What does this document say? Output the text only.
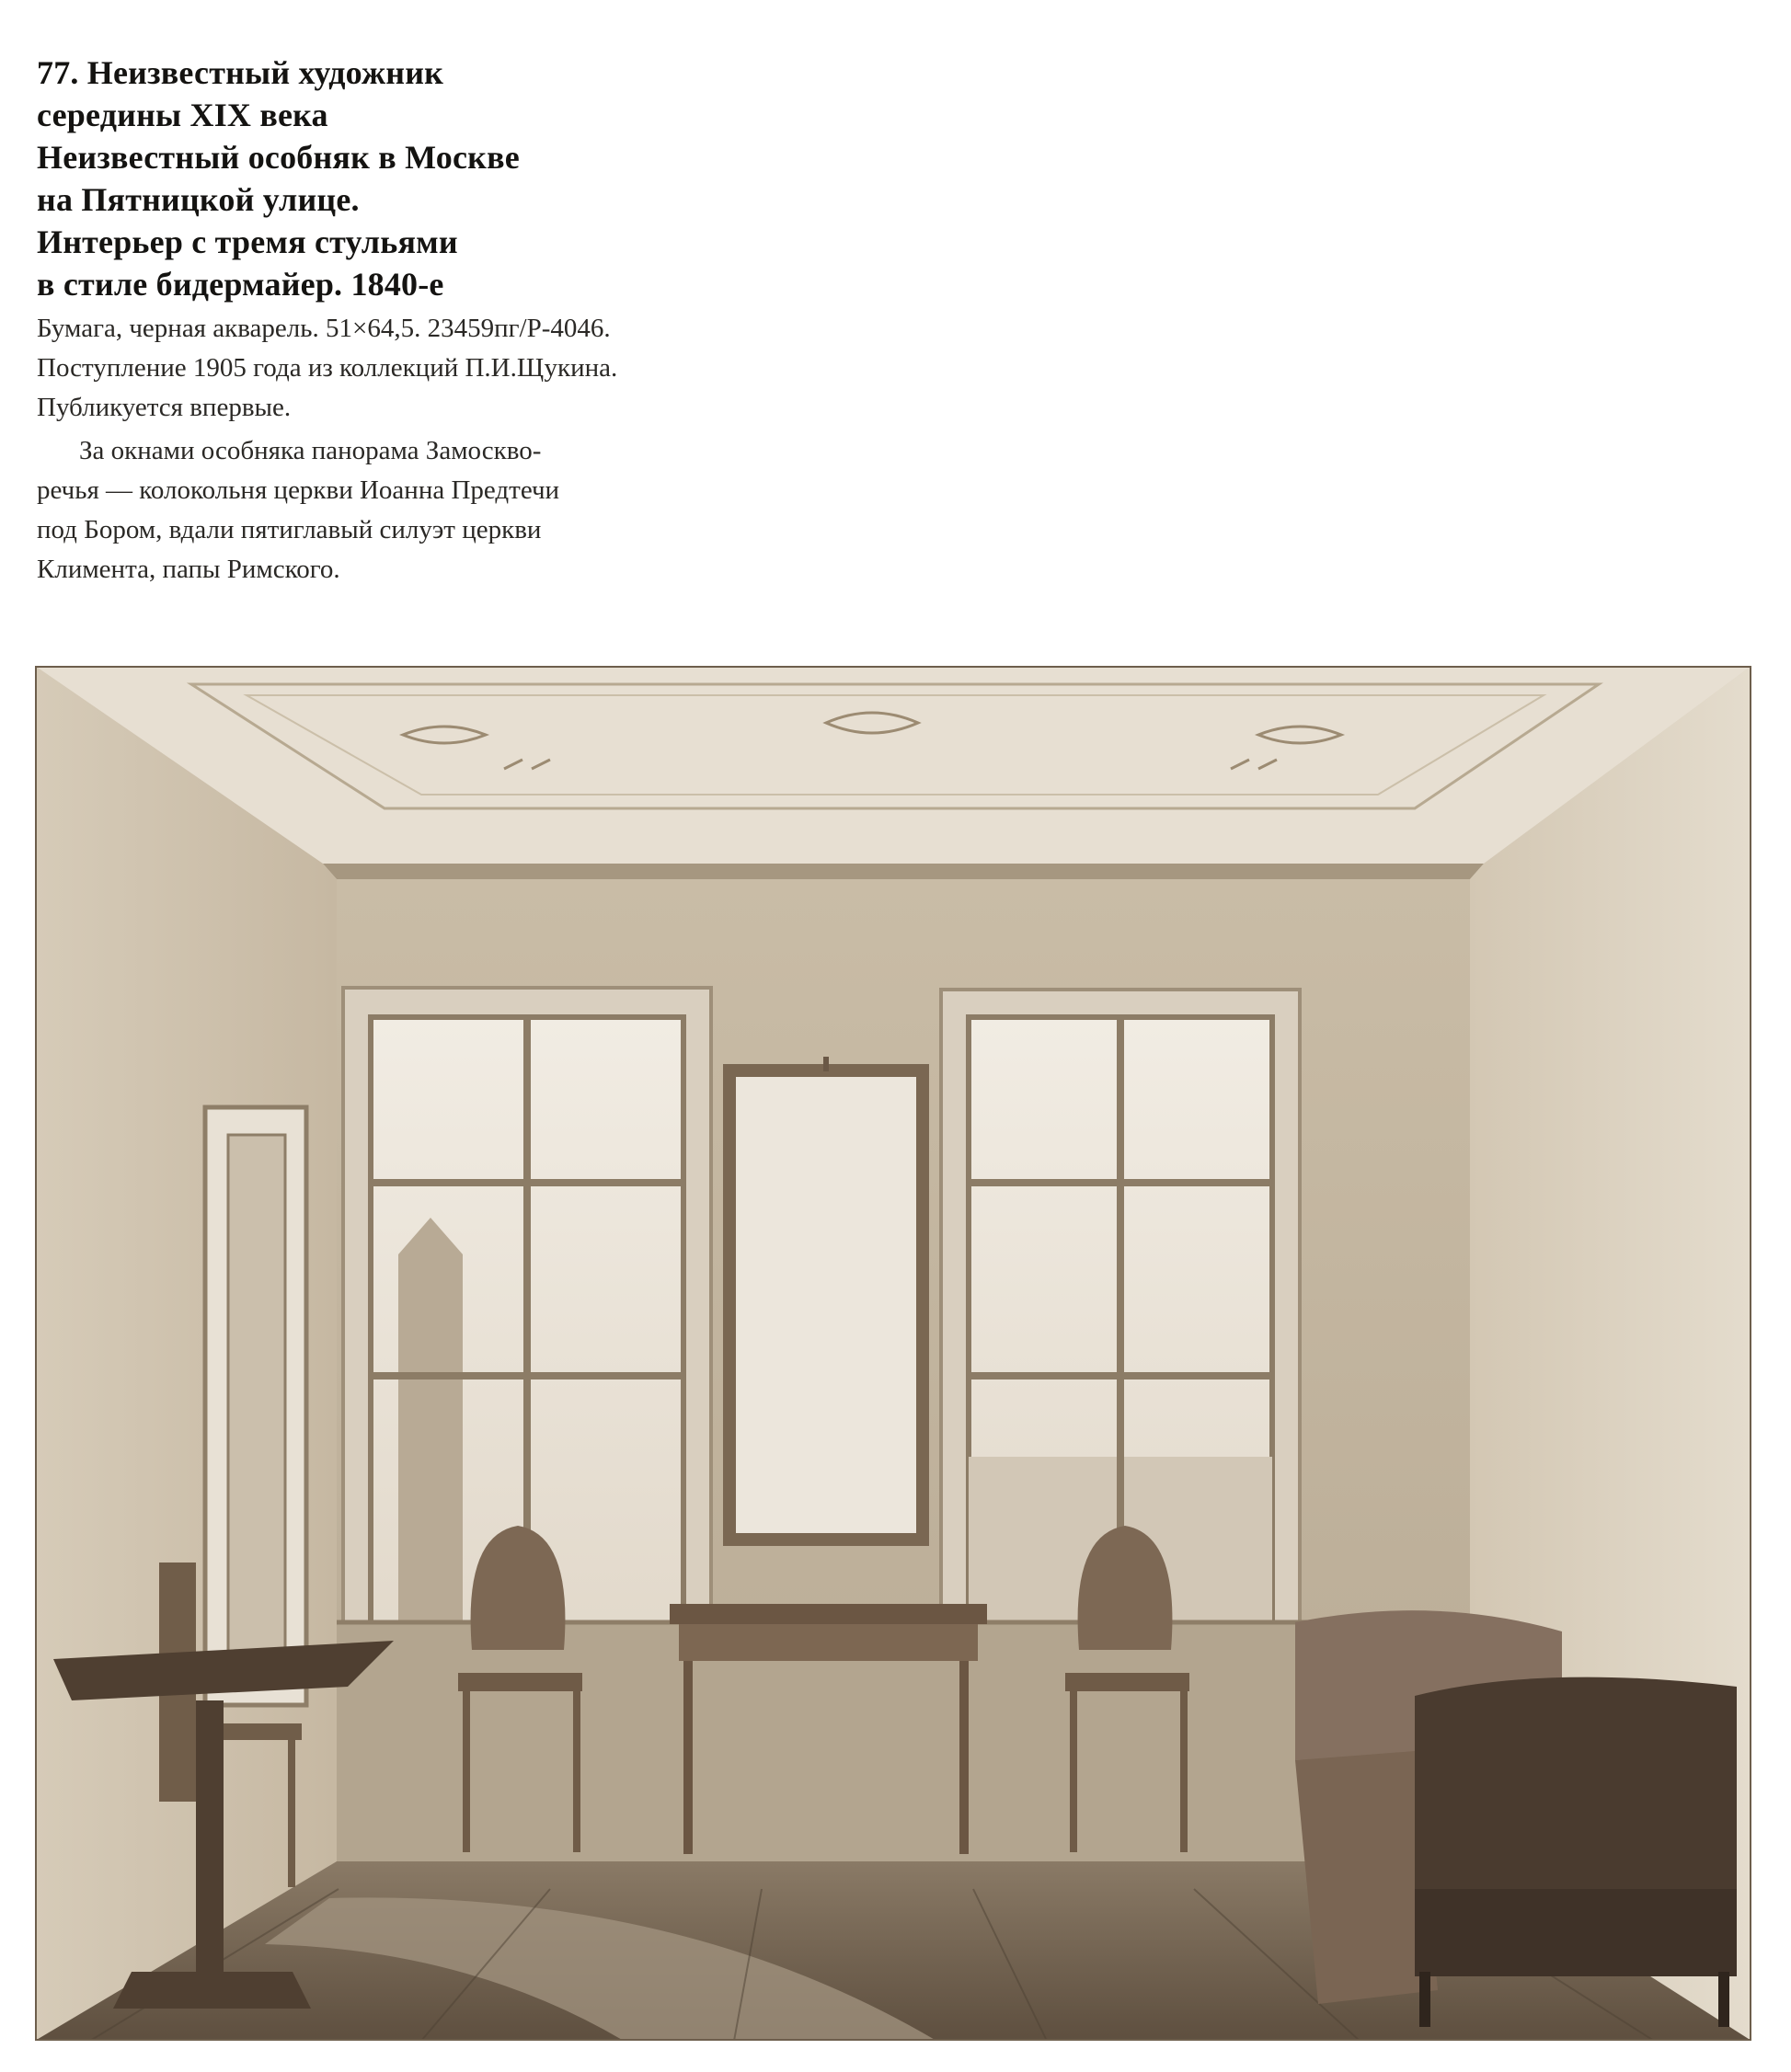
77. Неизвестный художник
середины XIX века
Неизвестный особняк в Москве
на Пятницкой улице.
Интерьер с тремя стульями
в стиле бидермайер. 1840-е

Бумага, черная акварель. 51×64,5. 23459пг/Р-4046.
Поступление 1905 года из коллекций П.И.Щукина.
Публикуется впервые.

За окнами особняка панорама Замоскво-
речья — колокольня церкви Иоанна Предтечи
под Бором, вдали пятиглавый силуэт церкви
Климента, папы Римского.
